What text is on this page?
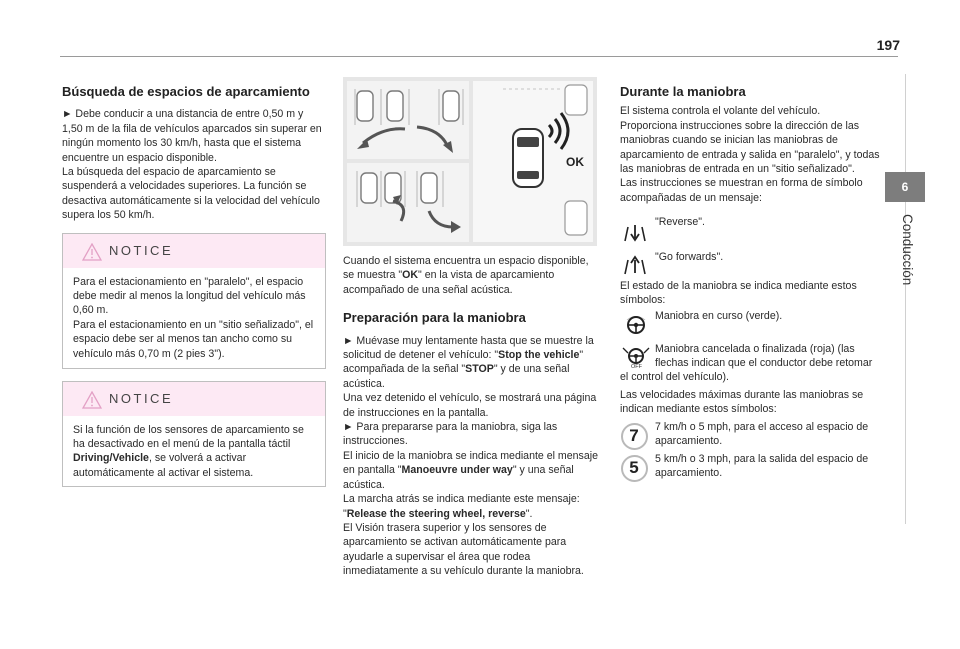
197
6
Conducción
Búsqueda de espacios de aparcamiento

► Debe conducir a una distancia de entre 0,50 m y 1,50 m de la fila de vehículos aparcados sin superar en ningún momento los 30 km/h, hasta que el sistema encuentre un espacio disponible.

La búsqueda del espacio de aparcamiento se suspenderá a velocidades superiores. La función se desactiva automáticamente si la velocidad del vehículo supera los 50 km/h.

NOTICE

Para el estacionamiento en "paralelo", el espacio debe medir al menos la longitud del vehículo más 0,60 m.

Para el estacionamiento en un "sitio señalizado", el espacio debe ser al menos tan ancho como su vehículo más 0,70 m (2 pies 3").

NOTICE

Si la función de los sensores de aparcamiento se ha desactivado en el menú de la pantalla táctil Driving/Vehicle, se volverá a activar automáticamente al activar el sistema.

OK

Cuando el sistema encuentra un espacio disponible, se muestra "OK" en la vista de aparcamiento acompañado de una señal acústica.

Preparación para la maniobra

► Muévase muy lentamente hasta que se muestre la solicitud de detener el vehículo: "Stop the vehicle" acompañada de la señal "STOP" y de una señal acústica.

Una vez detenido el vehículo, se mostrará una página de instrucciones en la pantalla.

► Para prepararse para la maniobra, siga las instrucciones.

El inicio de la maniobra se indica mediante el mensaje en pantalla "Manoeuvre under way" y una señal acústica.

La marcha atrás se indica mediante este mensaje: "Release the steering wheel, reverse".

El Visión trasera superior y los sensores de aparcamiento se activan automáticamente para ayudarle a supervisar el área que rodea inmediatamente a su vehículo durante la maniobra.

Durante la maniobra

El sistema controla el volante del vehículo. Proporciona instrucciones sobre la dirección de las maniobras cuando se inician las maniobras de aparcamiento de entrada y salida en "paralelo", y todas las maniobras de entrada en un "sitio señalizado".

Las instrucciones se muestran en forma de símbolo acompañadas de un mensaje:

"Reverse".
"Go forwards".

El estado de la maniobra se indica mediante estos símbolos:

Maniobra en curso (verde).
OFF
Maniobra cancelada o finalizada (roja) (las

flechas indican que el conductor debe retomar el control del vehículo).

Las velocidades máximas durante las maniobras se indican mediante estos símbolos:

7	7 km/h o 5 mph, para el acceso al espacio de aparcamiento.
5	5 km/h o 3 mph, para la salida del espacio de aparcamiento.
